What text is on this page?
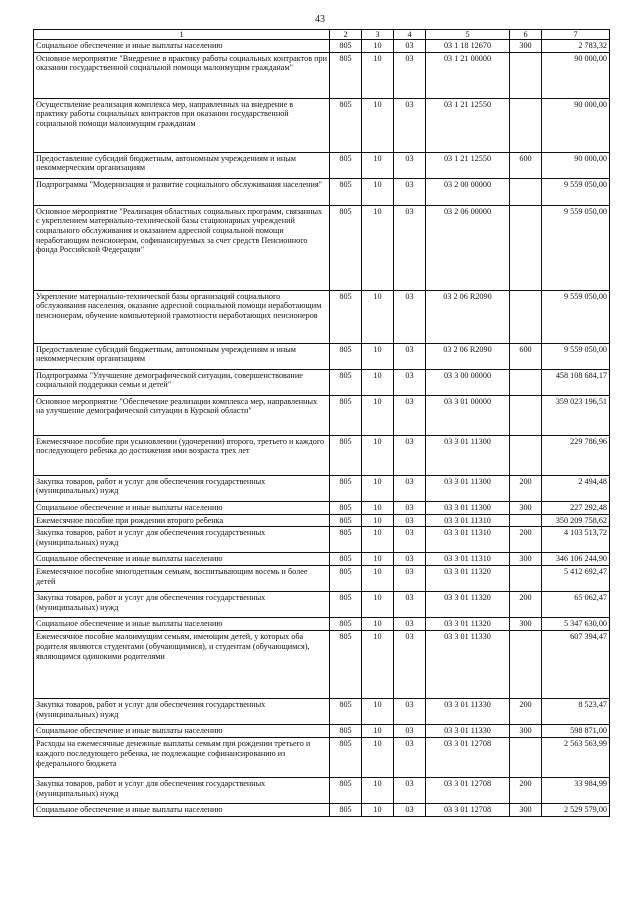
43
1	2	3	4	5	6	7
Социальное обеспечение и иные выплаты населению	805	10	03	03 1 18 12670	300	2 783,32
Основное мероприятие "Внедрение в практику работы социальных контрактов при оказании государственной социальной помощи малоимущим гражданам"	805	10	03	03 1 21 00000		90 000,00
Осуществление реализация комплекса мер, направленных на внедрение в практику работы социальных контрактов при оказании государственной социальной помощи малоимущим гражданам	805	10	03	03 1 21 12550		90 000,00
Предоставление субсидий бюджетным, автономным учреждениям и иным некоммерческим организациям	805	10	03	03 1 21 12550	600	90 000,00
Подпрограмма "Модернизация и развитие социального обслуживания населения"	805	10	03	03 2 00 00000		9 559 050,00
Основное мероприятие "Реализация областных социальных программ, связанных с укреплением материально-технической базы стационарных учреждений социального обслуживания и оказанием адресной социальной помощи неработающим пенсионерам, софинансируемых за счет средств Пенсионного фонда Российской Федерации"	805	10	03	03 2 06 00000		9 559 050,00
Укрепление материально-технической базы организаций социального обслуживания населения, оказание адресной социальной помощи неработающим пенсионерам, обучение компьютерной грамотности неработающих пенсионеров	805	10	03	03 2 06 R2090		9 559 050,00
Предоставление субсидий бюджетным, автономным учреждениям и иным некоммерческим организациям	805	10	03	03 2 06 R2090	600	9 559 050,00
Подпрограмма "Улучшение демографической ситуации, совершенствование социальной поддержки семьи и детей"	805	10	03	03 3 00 00000		458 108 684,17
Основное мероприятие "Обеспечение реализации комплекса мер, направленных на улучшение демографической ситуации в Курской области"	805	10	03	03 3 01 00000		359 023 196,51
Ежемесячное пособие при усыновлении (удочерении) второго, третьего и каждого последующего ребенка до достижения ими возраста трех лет	805	10	03	03 3 01 11300		229 786,96
Закупка товаров, работ и услуг для обеспечения государственных (муниципальных) нужд	805	10	03	03 3 01 11300	200	2 494,48
Социальное обеспечение и иные выплаты населению	805	10	03	03 3 01 11300	300	227 292,48
Ежемесячное пособие при рождении второго ребенка	805	10	03	03 3 01 11310		350 209 758,62
Закупка товаров, работ и услуг для обеспечения государственных (муниципальных) нужд	805	10	03	03 3 01 11310	200	4 103 513,72
Социальное обеспечение и иные выплаты населению	805	10	03	03 3 01 11310	300	346 106 244,90
Ежемесячное пособие многодетным семьям, воспитывающим восемь и более детей	805	10	03	03 3 01 11320		5 412 692,47
Закупка товаров, работ и услуг для обеспечения государственных (муниципальных) нужд	805	10	03	03 3 01 11320	200	65 062,47
Социальное обеспечение и иные выплаты населению	805	10	03	03 3 01 11320	300	5 347 630,00
Ежемесячное пособие малоимущим семьям, имеющим детей, у которых оба родителя являются студентами (обучающимися), и студентам (обучающимся), являющимся одинокими родителями	805	10	03	03 3 01 11330		607 394,47
Закупка товаров, работ и услуг для обеспечения государственных (муниципальных) нужд	805	10	03	03 3 01 11330	200	8 523,47
Социальное обеспечение и иные выплаты населению	805	10	03	03 3 01 11330	300	598 871,00
Расходы на ежемесячные денежные выплаты семьям при рождении третьего и каждого последующего ребенка, не подлежащие софинансированию из федерального бюджета	805	10	03	03 3 01 12708		2 563 563,99
Закупка товаров, работ и услуг для обеспечения государственных (муниципальных) нужд	805	10	03	03 3 01 12708	200	33 984,99
Социальное обеспечение и иные выплаты населению	805	10	03	03 3 01 12708	300	2 529 579,00
